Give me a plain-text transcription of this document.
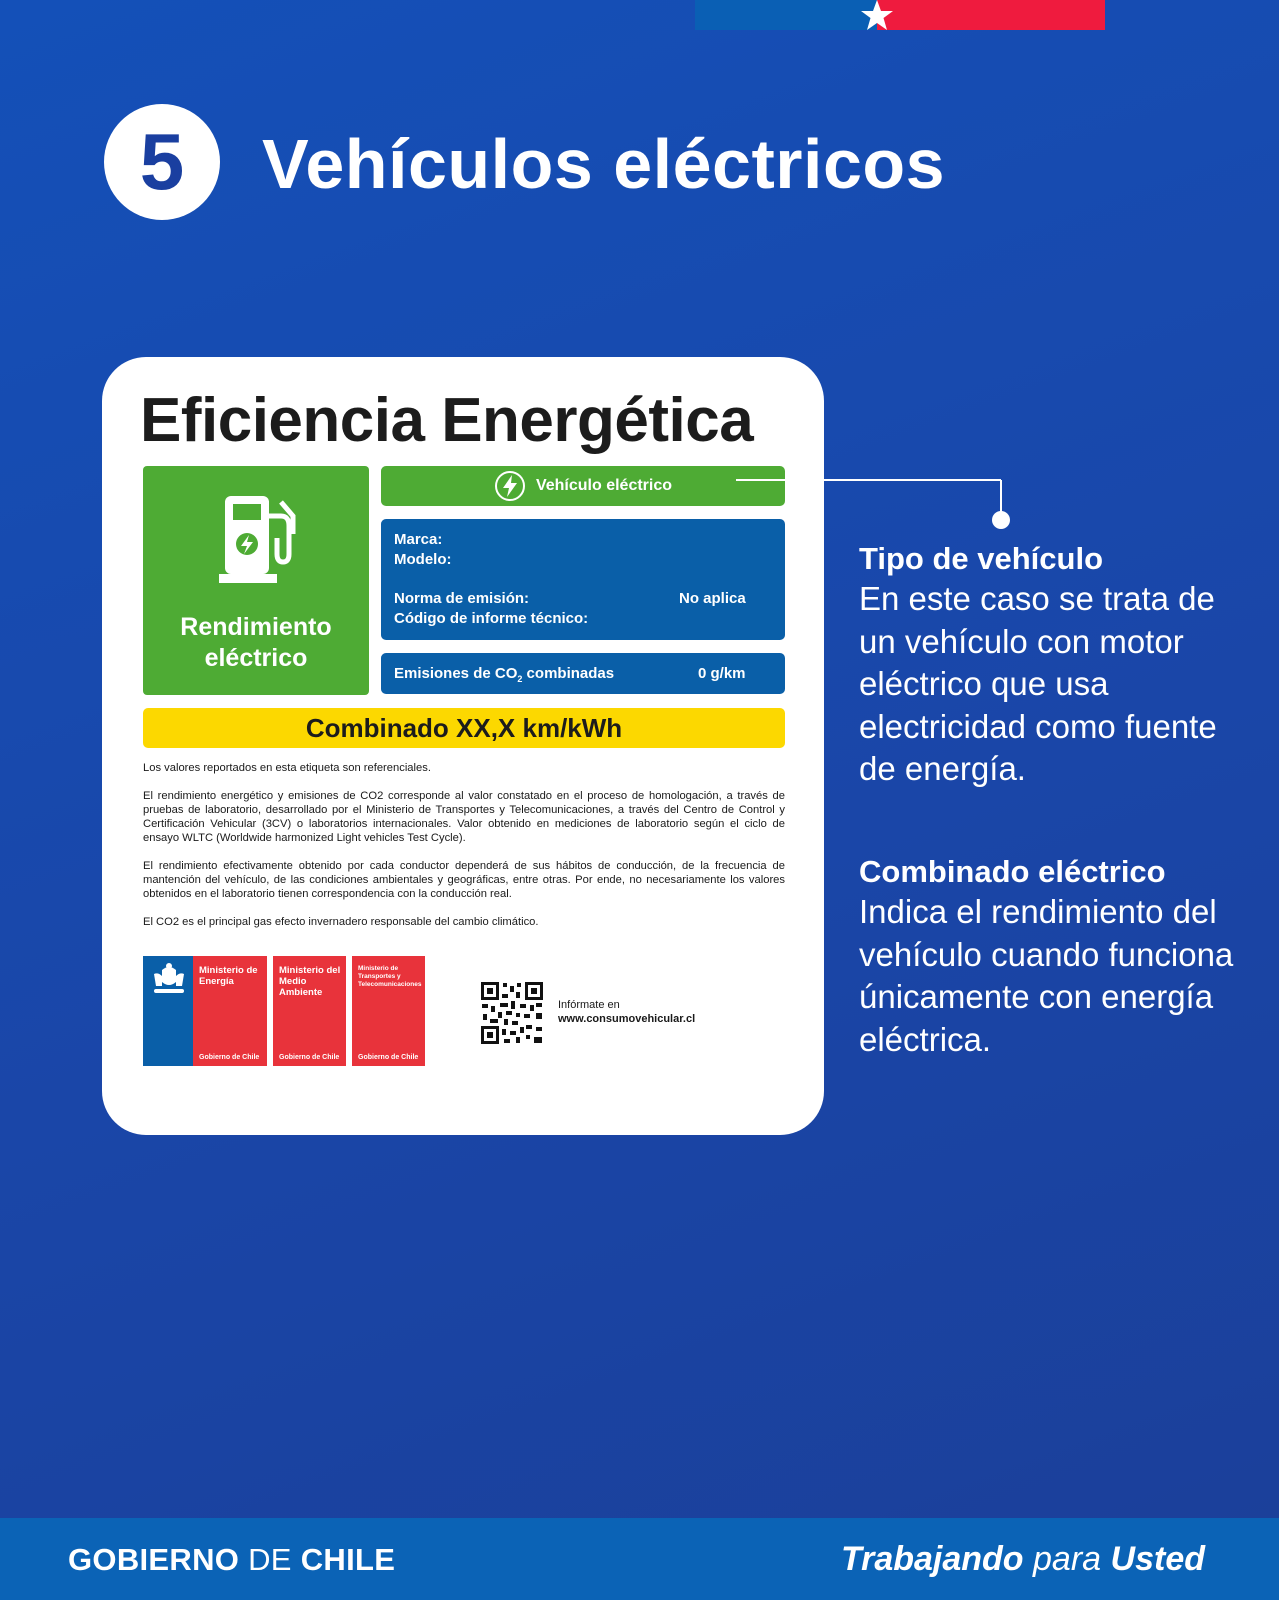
5	Vehículos eléctricos
Eficiencia Energética
Rendimiento
eléctrico
Vehículo eléctrico
Marca:
Modelo:
Norma de emisión:	No aplica
Código de informe técnico:
Emisiones de $CO_2$ combinadas	0 g/km
Combinado XX,X km/kWh

Los valores reportados en esta etiqueta son referenciales.

El rendimiento energético y emisiones de CO2 corresponde al valor constatado en el proceso de homologación, a través de pruebas de laboratorio, desarrollado por el Ministerio de Transportes y Telecomunicaciones, a través del Centro de Control y Certificación Vehicular (3CV) o laboratorios internacionales. Valor obtenido en mediciones de laboratorio según el ciclo de ensayo WLTC (Worldwide harmonized Light vehicles Test Cycle).

El rendimiento efectivamente obtenido por cada conductor dependerá de sus hábitos de conducción, de la frecuencia de mantención del vehículo, de las condiciones ambientales y geográficas, entre otras. Por ende, no necesariamente los valores obtenidos en el laboratorio tienen correspondencia con la conducción real.

El CO2 es el principal gas efecto invernadero responsable del cambio climático.

Ministerio de Energía
Gobierno de Chile
Ministerio del Medio Ambiente
Gobierno de Chile
Ministerio de Transportes y Telecomunicaciones
Gobierno de Chile
Infórmate en
www.consumovehicular.cl
Tipo de vehículo

En este caso se trata de un vehículo con motor eléctrico que usa electricidad como fuente de energía.

Combinado eléctrico

Indica el rendimiento del vehículo cuando funciona únicamente con energía eléctrica.

GOBIERNO DE CHILE	Trabajando para Usted
